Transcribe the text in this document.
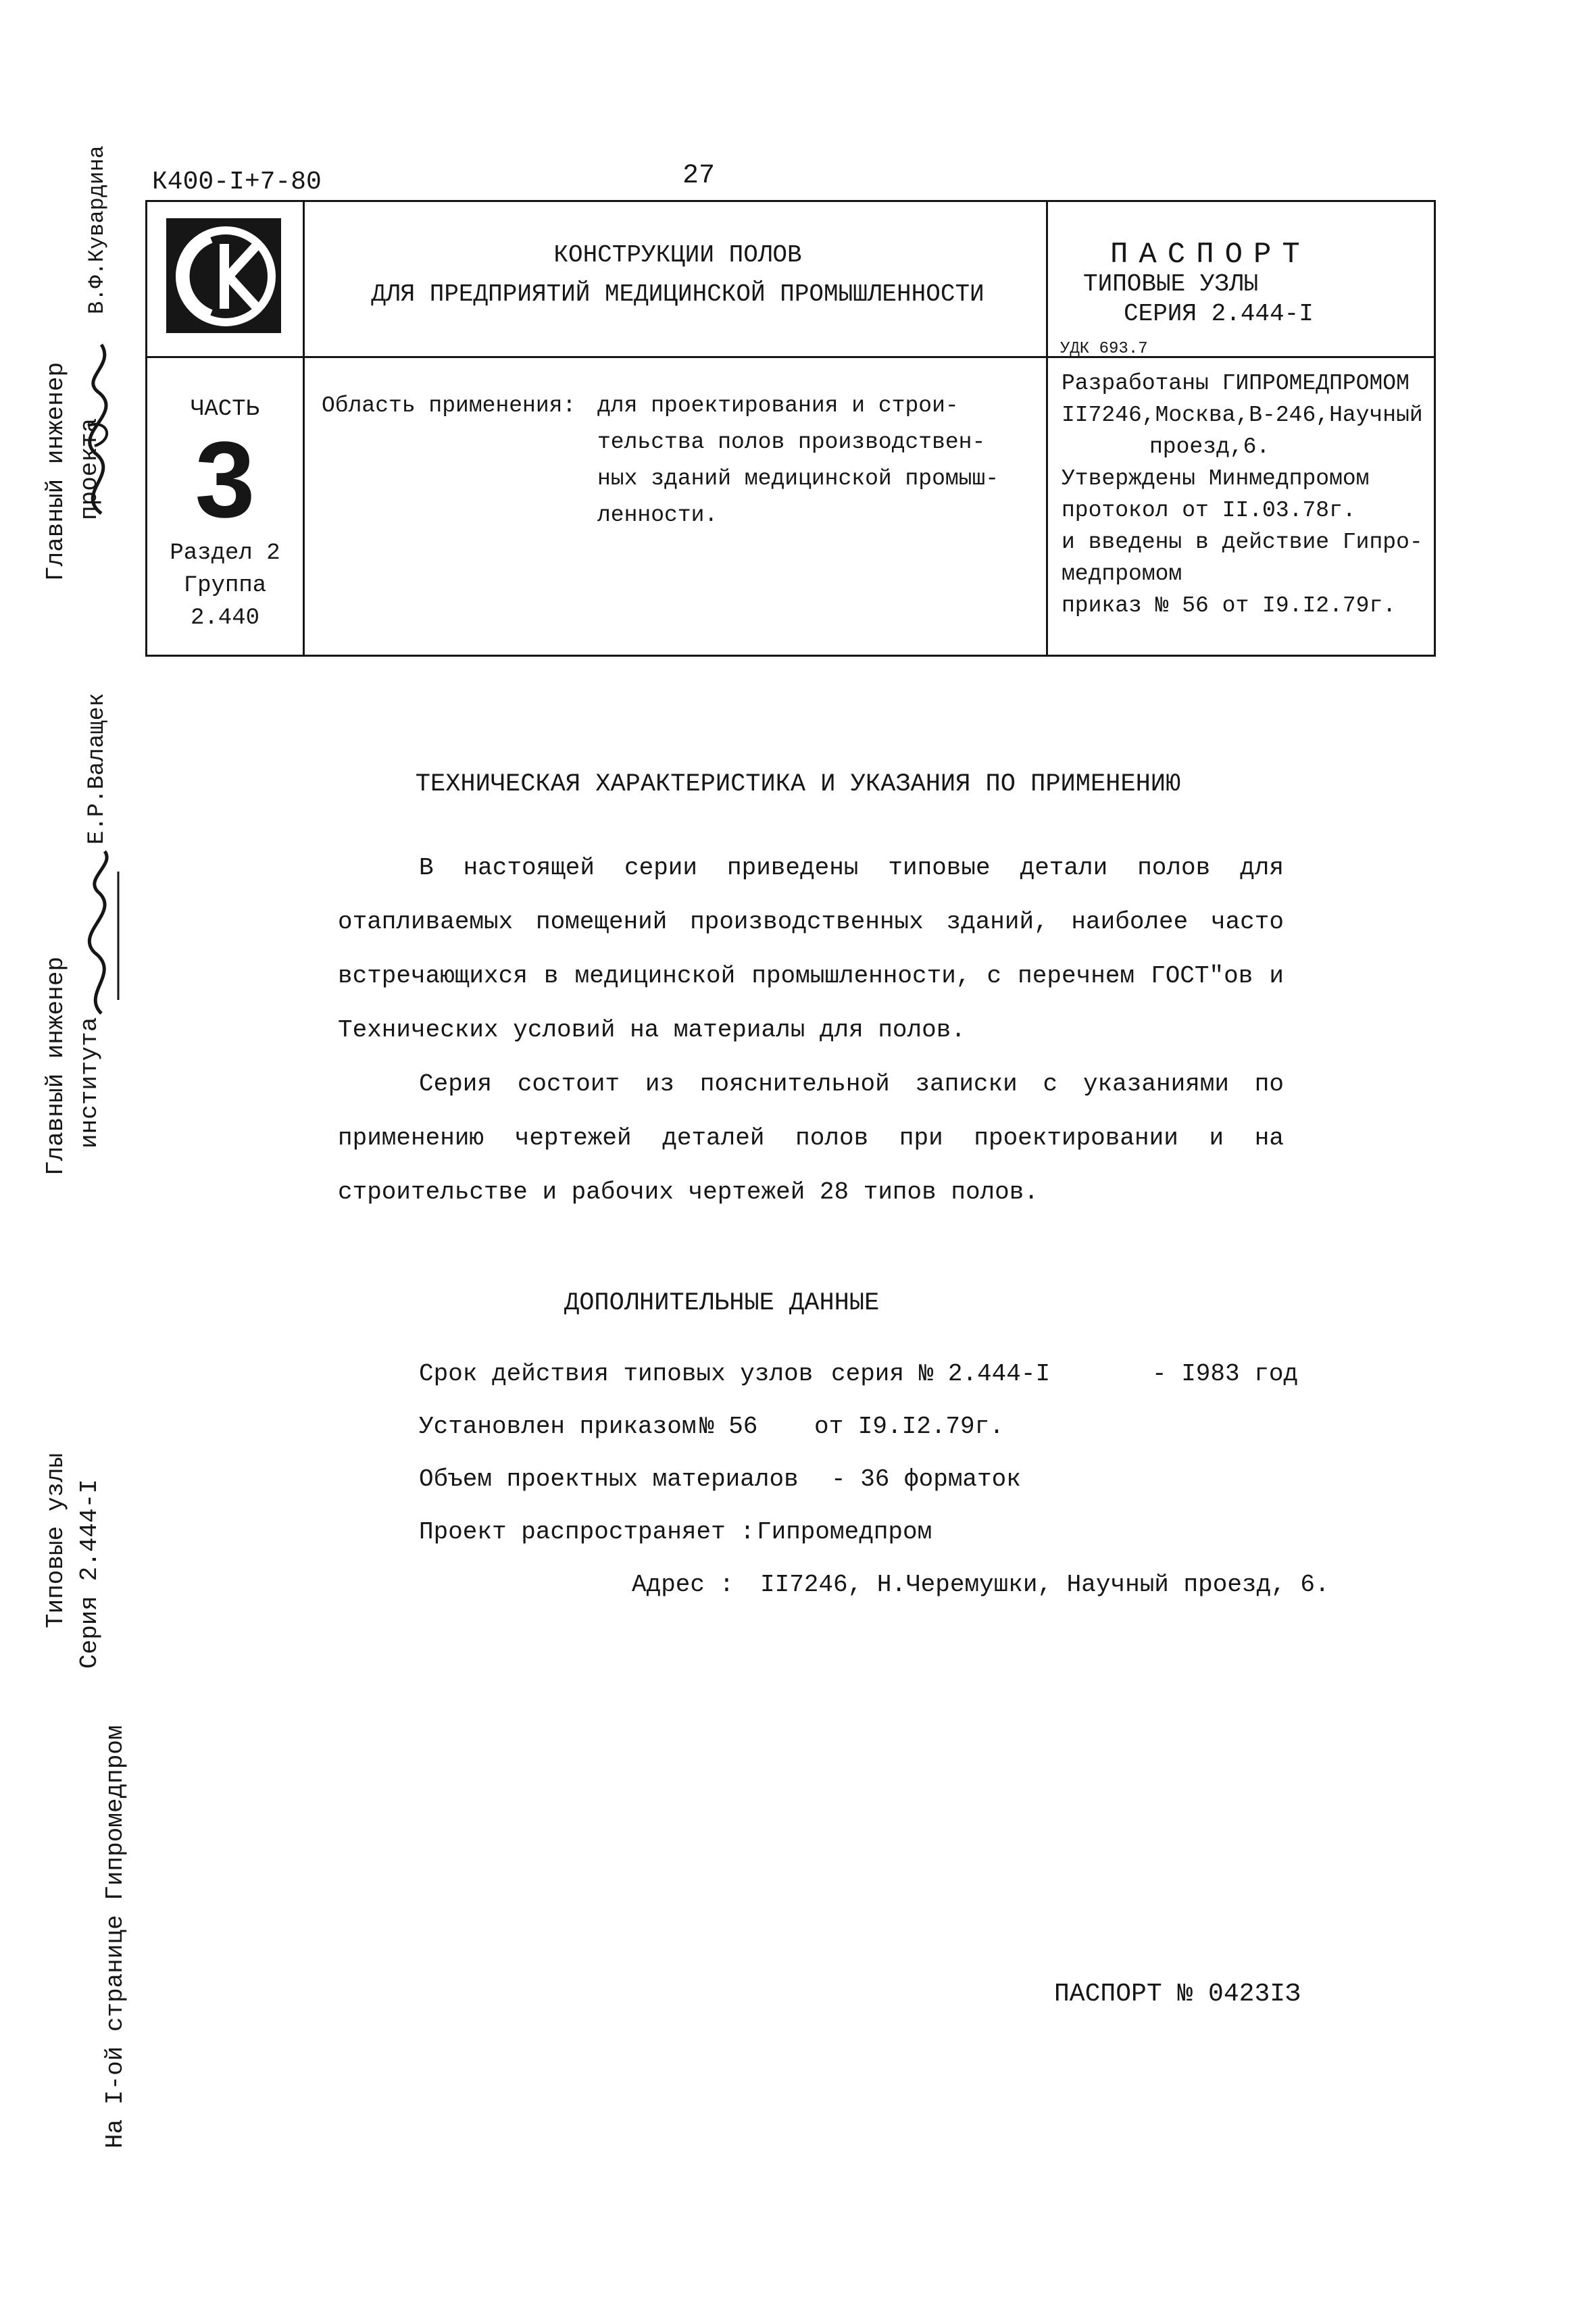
К400-І+7-80	27
КОНСТРУКЦИИ ПОЛОВ
ДЛЯ ПРЕДПРИЯТИЙ МЕДИЦИНСКОЙ ПРОМЫШЛЕННОСТИ
ПАСПОРТ
ТИПОВЫЕ УЗЛЫ
СЕРИЯ 2.444-І
УДК 693.7
ЧАСТЬ
3
Раздел 2
Группа
2.440
Область применения: для проектирования и строи-
тельства полов производствен-
ных зданий медицинской промыш-
ленности.
Разработаны ГИПРОМЕДПРОМОМ
ІІ7246,Москва,В-246,Научный
проезд,6.
Утверждены Минмедпромом
протокол от ІІ.03.78г.
и введены в действие Гипро-
медпромом
приказ № 56 от І9.І2.79г.
ТЕХНИЧЕСКАЯ ХАРАКТЕРИСТИКА И УКАЗАНИЯ ПО ПРИМЕНЕНИЮ
В настоящей серии приведены типовые детали полов для отапливаемых помещений производственных зданий, наиболее часто встречающихся в медицинской промышленности, с перечнем ГОСТ"ов и Технических условий на материалы для полов.
Серия состоит из пояснительной записки с указаниями по применению чертежей деталей полов при проектировании и на строительстве и рабочих чертежей 28 типов полов.
ДОПОЛНИТЕЛЬНЫЕ ДАННЫЕ
Срок действия типовых узлов серия № 2.444-І	- І983 год
Установлен приказом № 56 от І9.І2.79г.
Объем проектных материалов - 36 форматок
Проект распространяет : Гипромедпром
Адрес : ІІ7246, Н.Черемушки, Научный проезд, 6.
ПАСПОРТ № 0423ІЗ
Главный инженер проекта
В.Ф.Кувардина
Главный инженер института
Е.Р.Валащек
Типовые узлы Серия 2.444-І
На І-ой странице Гипромедпром
